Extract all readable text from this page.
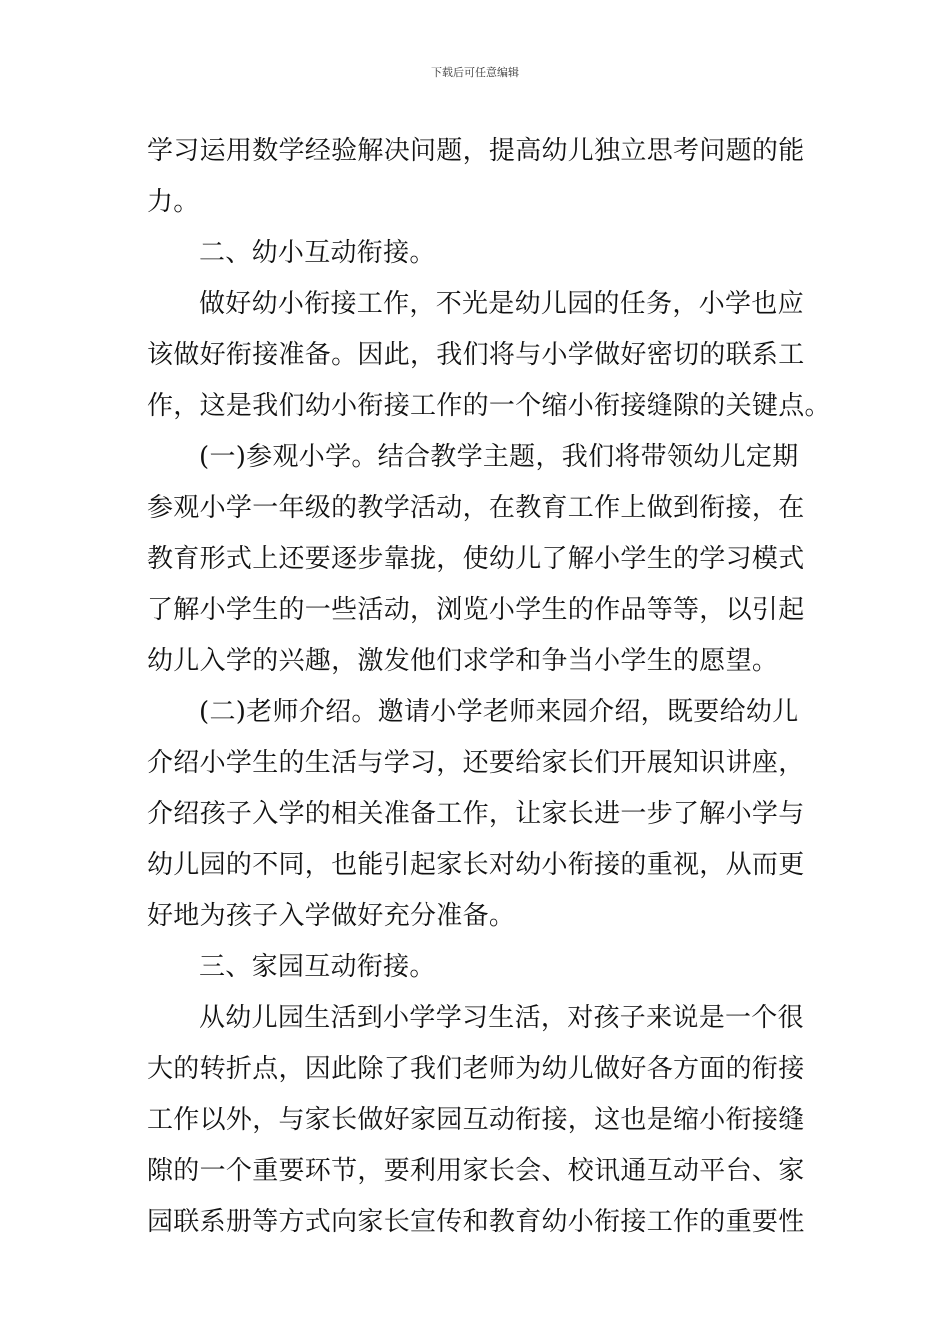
下载后可任意编辑
学习运用数学经验解决问题，提高幼儿独立思考问题的能
力。
二、幼小互动衔接。
做好幼小衔接工作，不光是幼儿园的任务，小学也应
该做好衔接准备。因此，我们将与小学做好密切的联系工
作，这是我们幼小衔接工作的一个缩小衔接缝隙的关键点。
(一)参观小学。结合教学主题，我们将带领幼儿定期
参观小学一年级的教学活动，在教育工作上做到衔接，在
教育形式上还要逐步靠拢，使幼儿了解小学生的学习模式
了解小学生的一些活动，浏览小学生的作品等等，以引起
幼儿入学的兴趣，激发他们求学和争当小学生的愿望。
(二)老师介绍。邀请小学老师来园介绍，既要给幼儿
介绍小学生的生活与学习，还要给家长们开展知识讲座，
介绍孩子入学的相关准备工作，让家长进一步了解小学与
幼儿园的不同，也能引起家长对幼小衔接的重视，从而更
好地为孩子入学做好充分准备。
三、家园互动衔接。
从幼儿园生活到小学学习生活，对孩子来说是一个很
大的转折点，因此除了我们老师为幼儿做好各方面的衔接
工作以外，与家长做好家园互动衔接，这也是缩小衔接缝
隙的一个重要环节，要利用家长会、校讯通互动平台、家
园联系册等方式向家长宣传和教育幼小衔接工作的重要性
